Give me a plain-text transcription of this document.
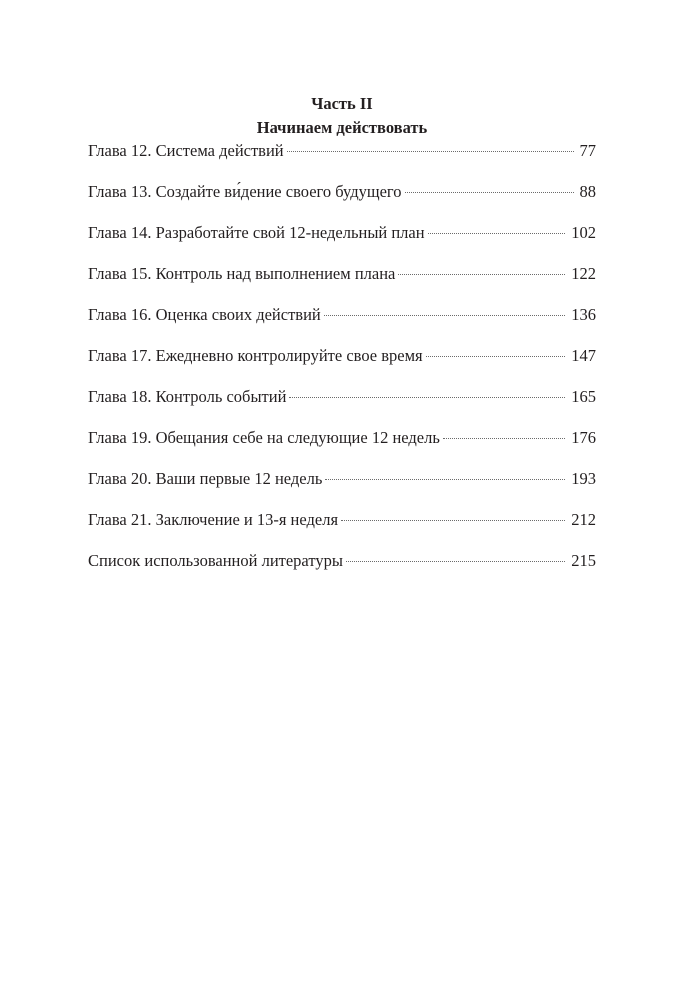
Часть II
Начинаем действовать
Глава 12. Система действий	77
Глава 13. Создайте ви́дение своего будущего	88
Глава 14. Разработайте свой 12-недельный план	102
Глава 15. Контроль над выполнением плана	122
Глава 16. Оценка своих действий	136
Глава 17. Ежедневно контролируйте свое время	147
Глава 18. Контроль событий	165
Глава 19. Обещания себе на следующие 12 недель	176
Глава 20. Ваши первые 12 недель	193
Глава 21. Заключение и 13-я неделя	212
Список использованной литературы	215
